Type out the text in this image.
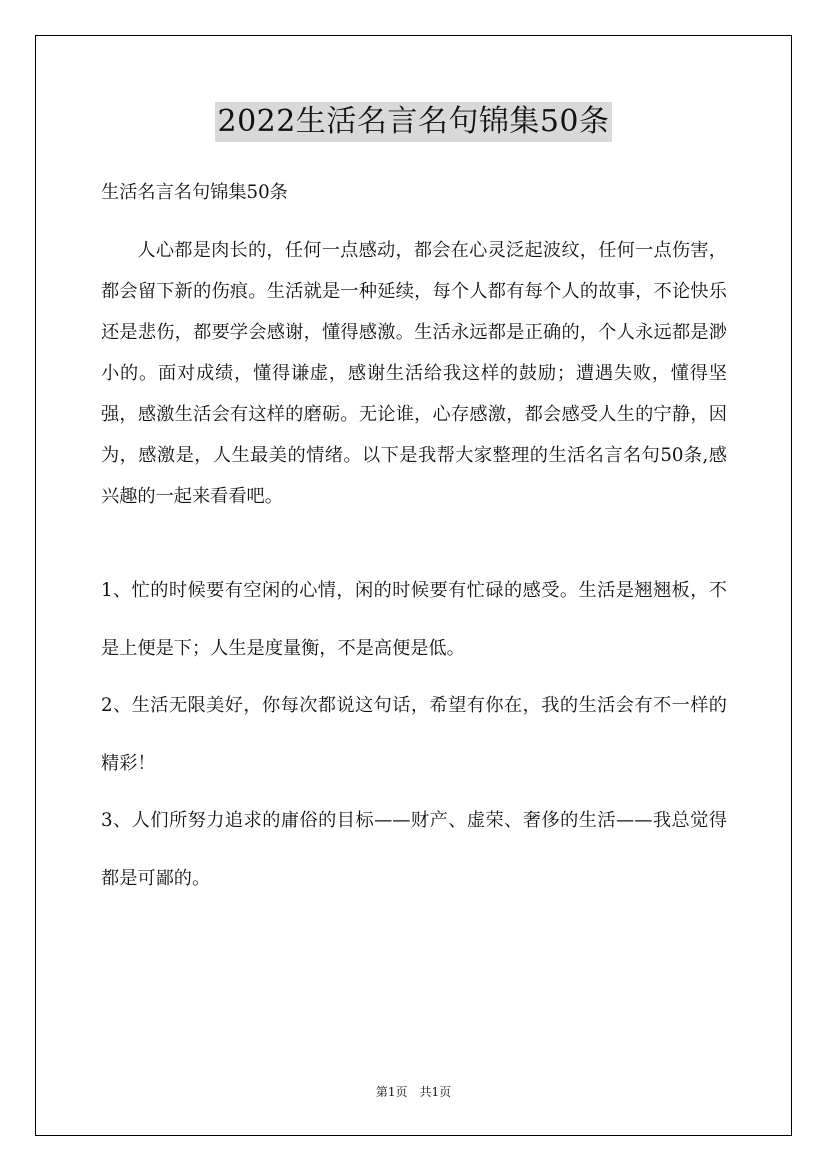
2022生活名言名句锦集50条

生活名言名句锦集50条

人心都是肉长的，任何一点感动，都会在心灵泛起波纹，任何一点伤害，都会留下新的伤痕。生活就是一种延续，每个人都有每个人的故事，不论快乐还是悲伤，都要学会感谢，懂得感激。生活永远都是正确的，个人永远都是渺小的。面对成绩，懂得谦虚，感谢生活给我这样的鼓励；遭遇失败，懂得坚强，感激生活会有这样的磨砺。无论谁，心存感激，都会感受人生的宁静，因为，感激是，人生最美的情绪。以下是我帮大家整理的生活名言名句50条,感兴趣的一起来看看吧。

1、忙的时候要有空闲的心情，闲的时候要有忙碌的感受。生活是翘翘板，不是上便是下；人生是度量衡，不是高便是低。
2、生活无限美好，你每次都说这句话，希望有你在，我的生活会有不一样的精彩！
3、人们所努力追求的庸俗的目标——财产、虚荣、奢侈的生活——我总觉得都是可鄙的。
第1页　共1页
